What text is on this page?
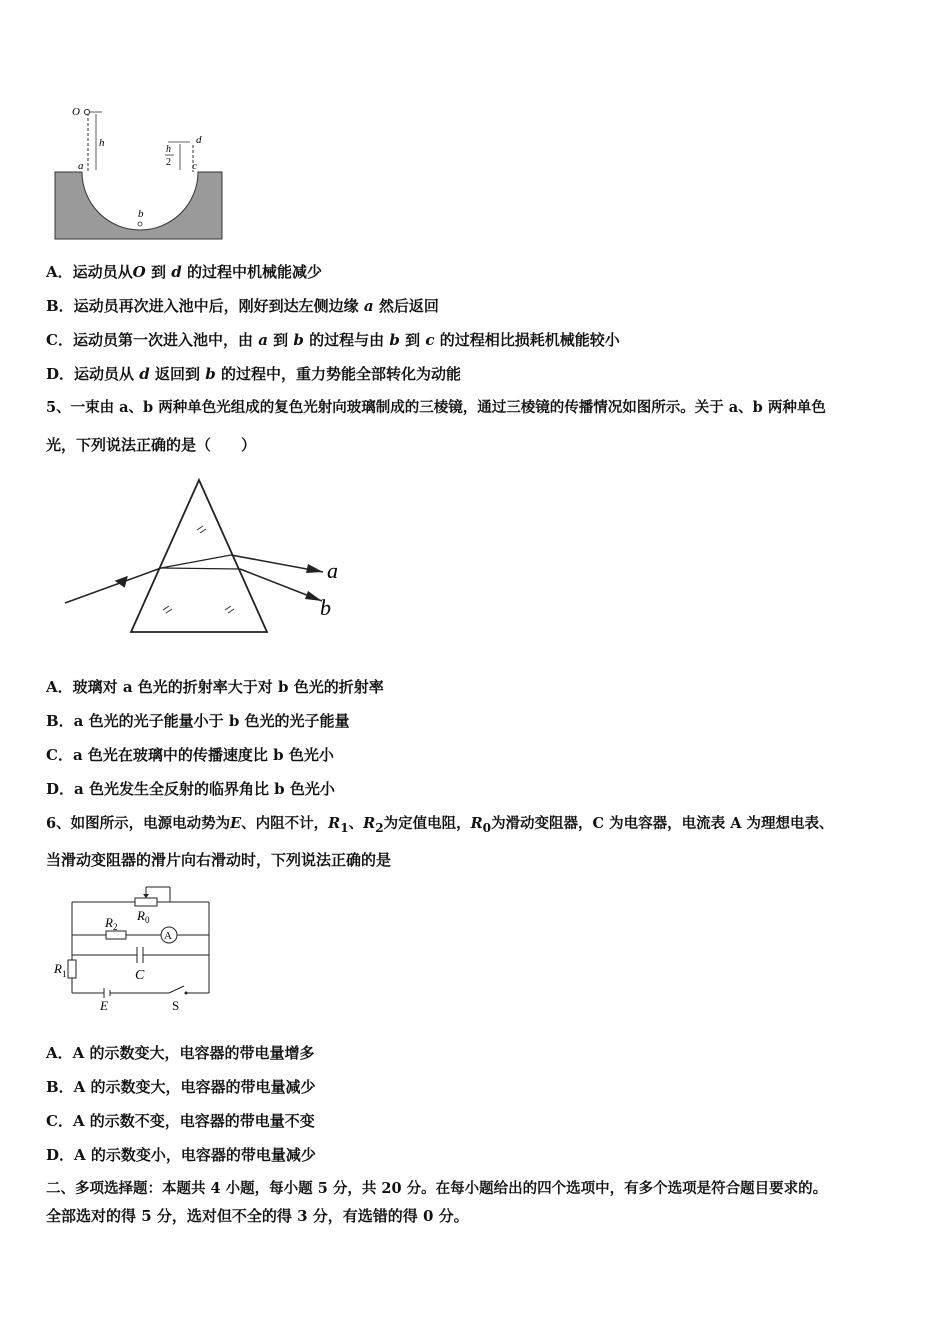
O
h
h
2
d
a	c
b
A．运动员从O 到 d 的过程中机械能减少
B．运动员再次进入池中后，刚好到达左侧边缘 a 然后返回
C．运动员第一次进入池中，由 a 到 b 的过程与由 b 到 c 的过程相比损耗机械能较小
D．运动员从 d 返回到 b 的过程中，重力势能全部转化为动能
5、一束由 a、b 两种单色光组成的复色光射向玻璃制成的三棱镜，通过三棱镜的传播情况如图所示。关于 a、b 两种单色
光，下列说法正确的是（　　）
a
b
A．玻璃对 a 色光的折射率大于对 b 色光的折射率
B．a 色光的光子能量小于 b 色光的光子能量
C．a 色光在玻璃中的传播速度比 b 色光小
D．a 色光发生全反射的临界角比 b 色光小
6、如图所示，电源电动势为E、内阻不计，$R_1$、$R_2$为定值电阻，$R_0$为滑动变阻器，C 为电容器，电流表 A 为理想电表、
当滑动变阻器的滑片向右滑动时，下列说法正确的是
$R_2$
$R_0$
A
C
$R_1$
E	S
A．A 的示数变大，电容器的带电量增多
B．A 的示数变大，电容器的带电量减少
C．A 的示数不变，电容器的带电量不变
D．A 的示数变小，电容器的带电量减少
二、多项选择题：本题共 4 小题，每小题 5 分，共 20 分。在每小题给出的四个选项中，有多个选项是符合题目要求的。
全部选对的得 5 分，选对但不全的得 3 分，有选错的得 0 分。
